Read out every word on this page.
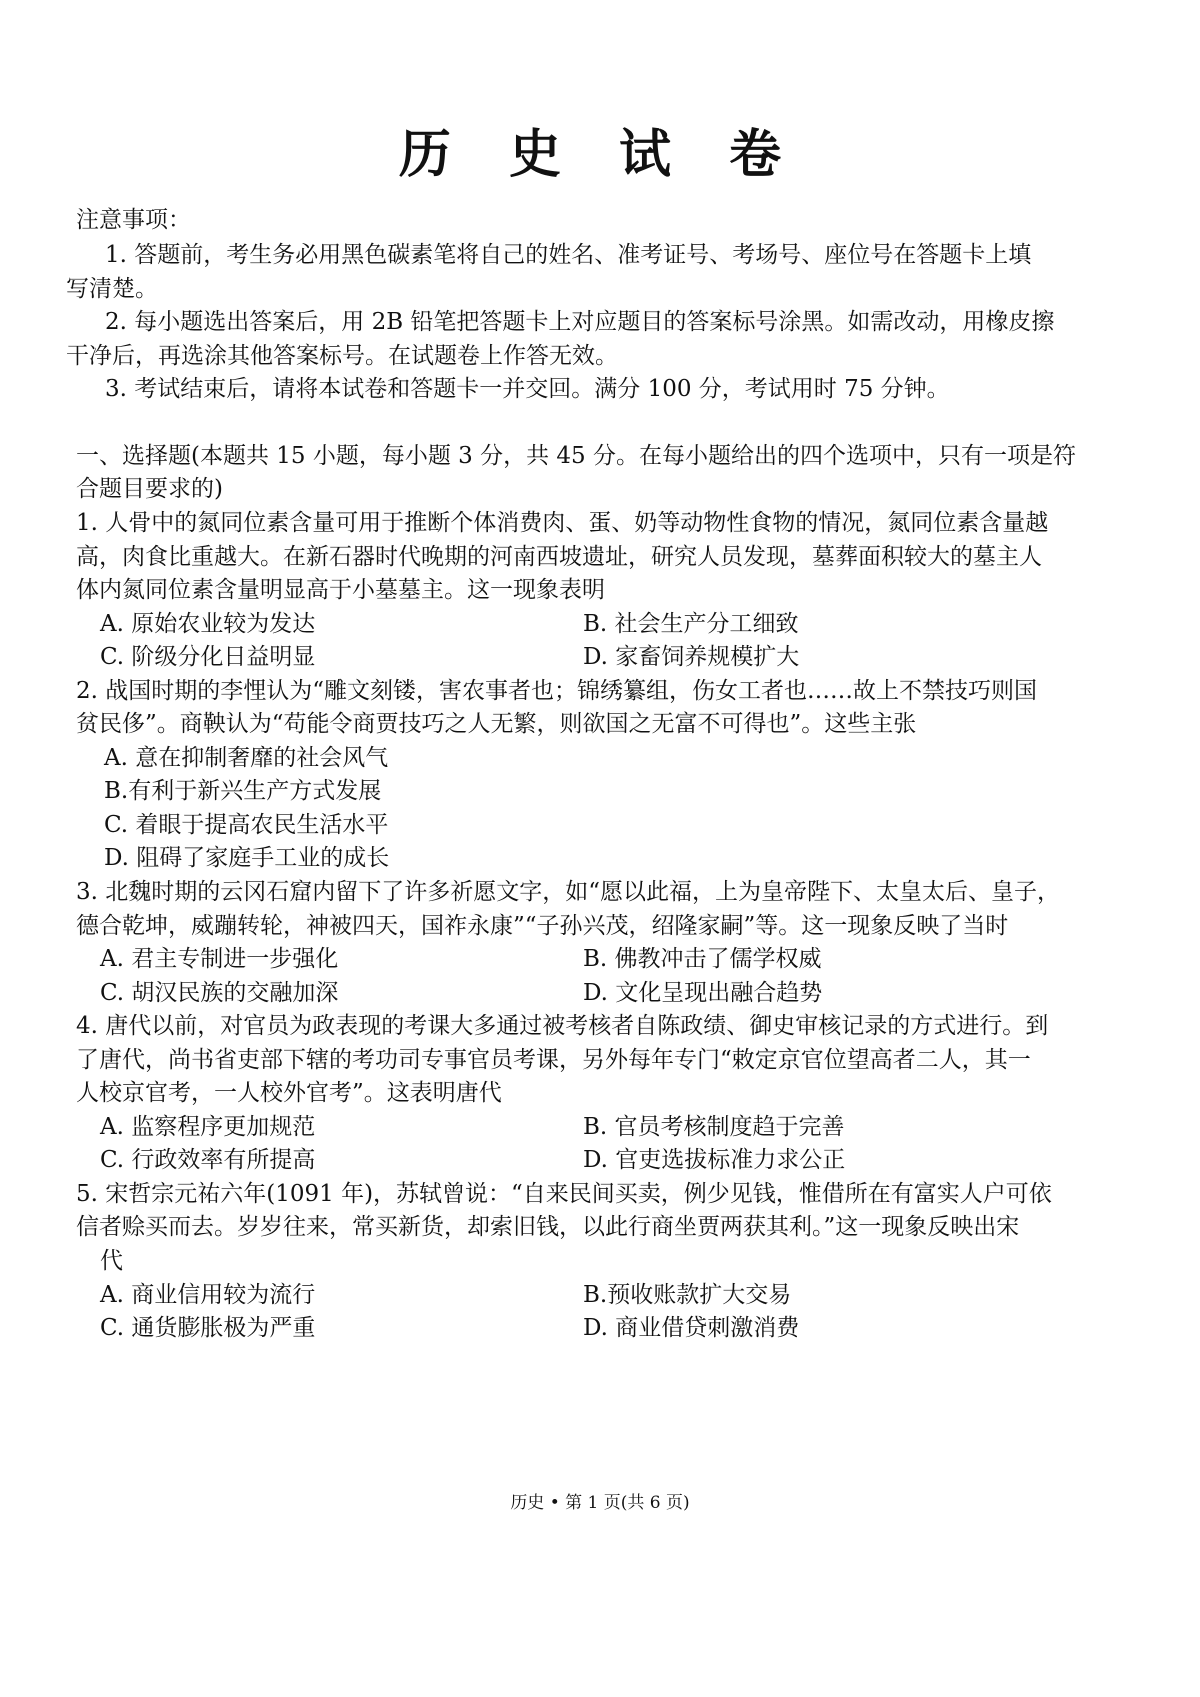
历 史 试 卷
注意事项：
1. 答题前，考生务必用黑色碳素笔将自己的姓名、准考证号、考场号、座位号在答题卡上填
写清楚。
2. 每小题选出答案后，用 2B 铅笔把答题卡上对应题目的答案标号涂黑。如需改动，用橡皮擦
干净后，再选涂其他答案标号。在试题卷上作答无效。
3. 考试结束后，请将本试卷和答题卡一并交回。满分 100 分，考试用时 75 分钟。
一、选择题(本题共 15 小题，每小题 3 分，共 45 分。在每小题给出的四个选项中，只有一项是符
合题目要求的)
1. 人骨中的氮同位素含量可用于推断个体消费肉、蛋、奶等动物性食物的情况，氮同位素含量越
高，肉食比重越大。在新石器时代晚期的河南西坡遗址，研究人员发现，墓葬面积较大的墓主人
体内氮同位素含量明显高于小墓墓主。这一现象表明
A. 原始农业较为发达	B. 社会生产分工细致
C. 阶级分化日益明显	D. 家畜饲养规模扩大
2. 战国时期的李悝认为“雕文刻镂，害农事者也；锦绣纂组，伤女工者也……故上不禁技巧则国
贫民侈”。商鞅认为“苟能令商贾技巧之人无繁，则欲国之无富不可得也”。这些主张
A. 意在抑制奢靡的社会风气
B.有利于新兴生产方式发展
C. 着眼于提高农民生活水平
D. 阻碍了家庭手工业的成长
3. 北魏时期的云冈石窟内留下了许多祈愿文字，如“愿以此福，上为皇帝陛下、太皇太后、皇子，
德合乾坤，威蹦转轮，神被四天，国祚永康”“子孙兴茂，绍隆家嗣”等。这一现象反映了当时
A. 君主专制进一步强化	B. 佛教冲击了儒学权威
C. 胡汉民族的交融加深	D. 文化呈现出融合趋势
4. 唐代以前，对官员为政表现的考课大多通过被考核者自陈政绩、御史审核记录的方式进行。到
了唐代，尚书省吏部下辖的考功司专事官员考课，另外每年专门“敕定京官位望高者二人，其一
人校京官考，一人校外官考”。这表明唐代
A. 监察程序更加规范	B. 官员考核制度趋于完善
C. 行政效率有所提高	D. 官吏选拔标准力求公正
5. 宋哲宗元祐六年(1091 年)，苏轼曾说：“自来民间买卖，例少见钱，惟借所在有富实人户可依
信者赊买而去。岁岁往来，常买新货，却索旧钱，以此行商坐贾两获其利。”这一现象反映出宋
代
A. 商业信用较为流行	B.预收账款扩大交易
C. 通货膨胀极为严重	D. 商业借贷刺激消费
历史 • 第 1 页(共 6 页)
